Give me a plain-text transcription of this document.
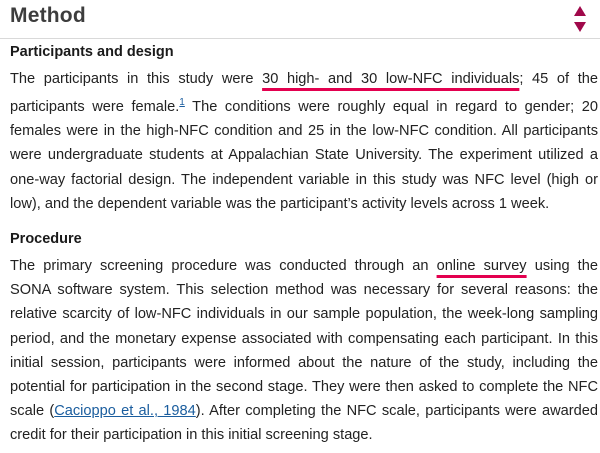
Method
Participants and design
The participants in this study were 30 high- and 30 low-NFC individuals; 45 of the participants were female.$^1$ The conditions were roughly equal in regard to gender; 20 females were in the high-NFC condition and 25 in the low-NFC condition. All participants were undergraduate students at Appalachian State University. The experiment utilized a one-way factorial design. The independent variable in this study was NFC level (high or low), and the dependent variable was the participant’s activity levels across 1 week.
Procedure
The primary screening procedure was conducted through an online survey using the SONA software system. This selection method was necessary for several reasons: the relative scarcity of low-NFC individuals in our sample population, the week-long sampling period, and the monetary expense associated with compensating each participant. In this initial session, participants were informed about the nature of the study, including the potential for participation in the second stage. They were then asked to complete the NFC scale (Cacioppo et al., 1984). After completing the NFC scale, participants were awarded credit for their participation in this initial screening stage.
